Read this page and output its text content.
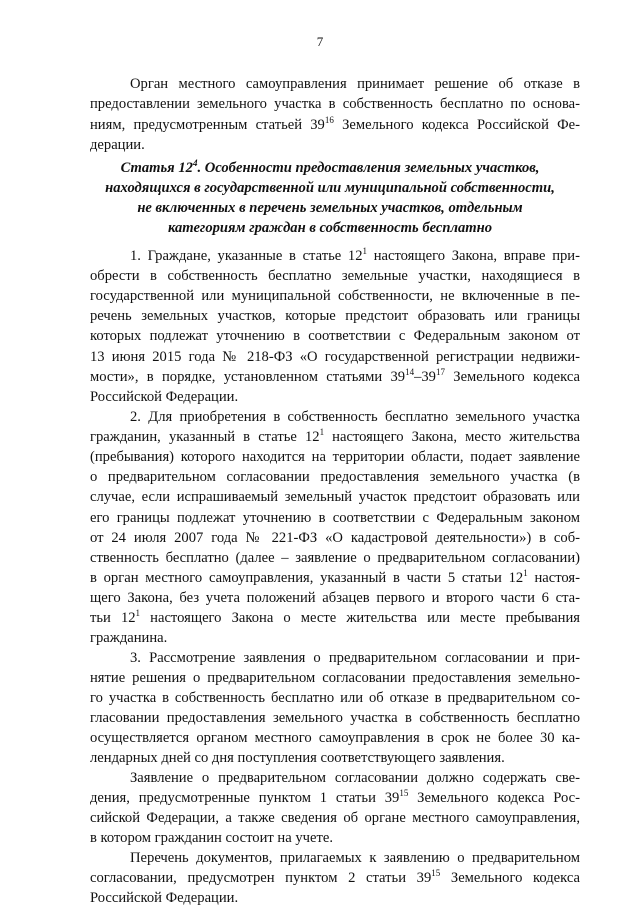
7
Орган местного самоуправления принимает решение об отказе в
предоставлении земельного участка в собственность бесплатно по основа-
ниям, предусмотренным статьей $39^{16}$ Земельного кодекса Российской Фе-
дерации.
Статья $12^4$. Особенности предоставления земельных участков,
находящихся в государственной или муниципальной собственности,
не включенных в перечень земельных участков, отдельным
категориям граждан в собственность бесплатно
1. Граждане, указанные в статье $12^1$ настоящего Закона, вправе при-
обрести в собственность бесплатно земельные участки, находящиеся в
государственной или муниципальной собственности, не включенные в пе-
речень земельных участков, которые предстоит образовать или границы
которых подлежат уточнению в соответствии с Федеральным законом от
13 июня 2015 года № 218-ФЗ «О государственной регистрации недвижи-
мости», в порядке, установленном статьями $39^{14}-39^{17}$ Земельного кодекса
Российской Федерации.
2. Для приобретения в собственность бесплатно земельного участка
гражданин, указанный в статье $12^1$ настоящего Закона, место жительства
(пребывания) которого находится на территории области, подает заявление
о предварительном согласовании предоставления земельного участка (в
случае, если испрашиваемый земельный участок предстоит образовать или
его границы подлежат уточнению в соответствии с Федеральным законом
от 24 июля 2007 года № 221-ФЗ «О кадастровой деятельности») в соб-
ственность бесплатно (далее – заявление о предварительном согласовании)
в орган местного самоуправления, указанный в части 5 статьи $12^1$ настоя-
щего Закона, без учета положений абзацев первого и второго части 6 ста-
тьи $12^1$ настоящего Закона о месте жительства или месте пребывания
гражданина.
3. Рассмотрение заявления о предварительном согласовании и при-
нятие решения о предварительном согласовании предоставления земельно-
го участка в собственность бесплатно или об отказе в предварительном со-
гласовании предоставления земельного участка в собственность бесплатно
осуществляется органом местного самоуправления в срок не более 30 ка-
лендарных дней со дня поступления соответствующего заявления.
Заявление о предварительном согласовании должно содержать све-
дения, предусмотренные пунктом 1 статьи $39^{15}$ Земельного кодекса Рос-
сийской Федерации, а также сведения об органе местного самоуправления,
в котором гражданин состоит на учете.
Перечень документов, прилагаемых к заявлению о предварительном
согласовании, предусмотрен пунктом 2 статьи $39^{15}$ Земельного кодекса
Российской Федерации.
